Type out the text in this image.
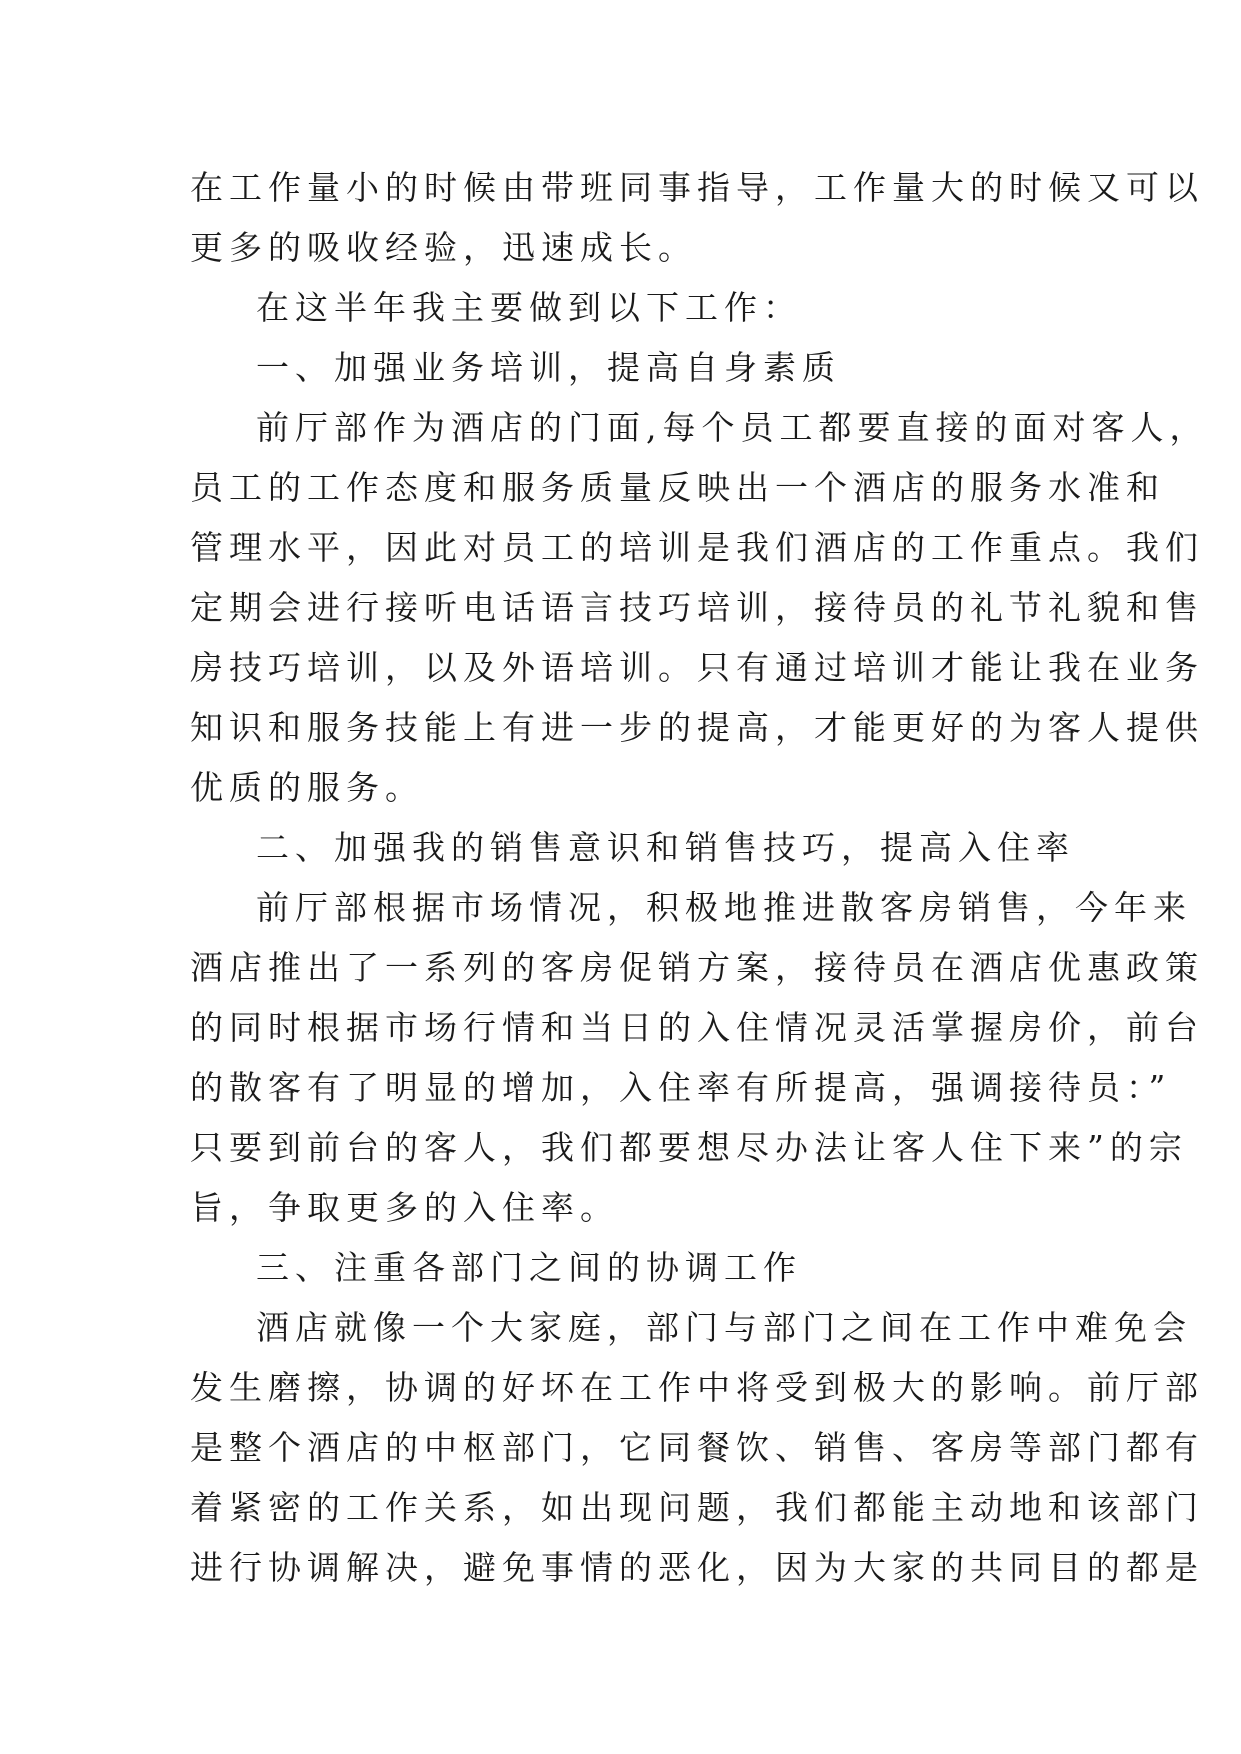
在工作量小的时候由带班同事指导，工作量大的时候又可以
更多的吸收经验，迅速成长。
在这半年我主要做到以下工作：
一、加强业务培训，提高自身素质
前厅部作为酒店的门面,每个员工都要直接的面对客人，
员工的工作态度和服务质量反映出一个酒店的服务水准和
管理水平，因此对员工的培训是我们酒店的工作重点。我们
定期会进行接听电话语言技巧培训，接待员的礼节礼貌和售
房技巧培训，以及外语培训。只有通过培训才能让我在业务
知识和服务技能上有进一步的提高，才能更好的为客人提供
优质的服务。
二、加强我的销售意识和销售技巧，提高入住率
前厅部根据市场情况，积极地推进散客房销售，今年来
酒店推出了一系列的客房促销方案，接待员在酒店优惠政策
的同时根据市场行情和当日的入住情况灵活掌握房价，前台
的散客有了明显的增加，入住率有所提高，强调接待员：”
只要到前台的客人，我们都要想尽办法让客人住下来”的宗
旨，争取更多的入住率。
三、注重各部门之间的协调工作
酒店就像一个大家庭，部门与部门之间在工作中难免会
发生磨擦，协调的好坏在工作中将受到极大的影响。前厅部
是整个酒店的中枢部门，它同餐饮、销售、客房等部门都有
着紧密的工作关系，如出现问题，我们都能主动地和该部门
进行协调解决，避免事情的恶化，因为大家的共同目的都是
